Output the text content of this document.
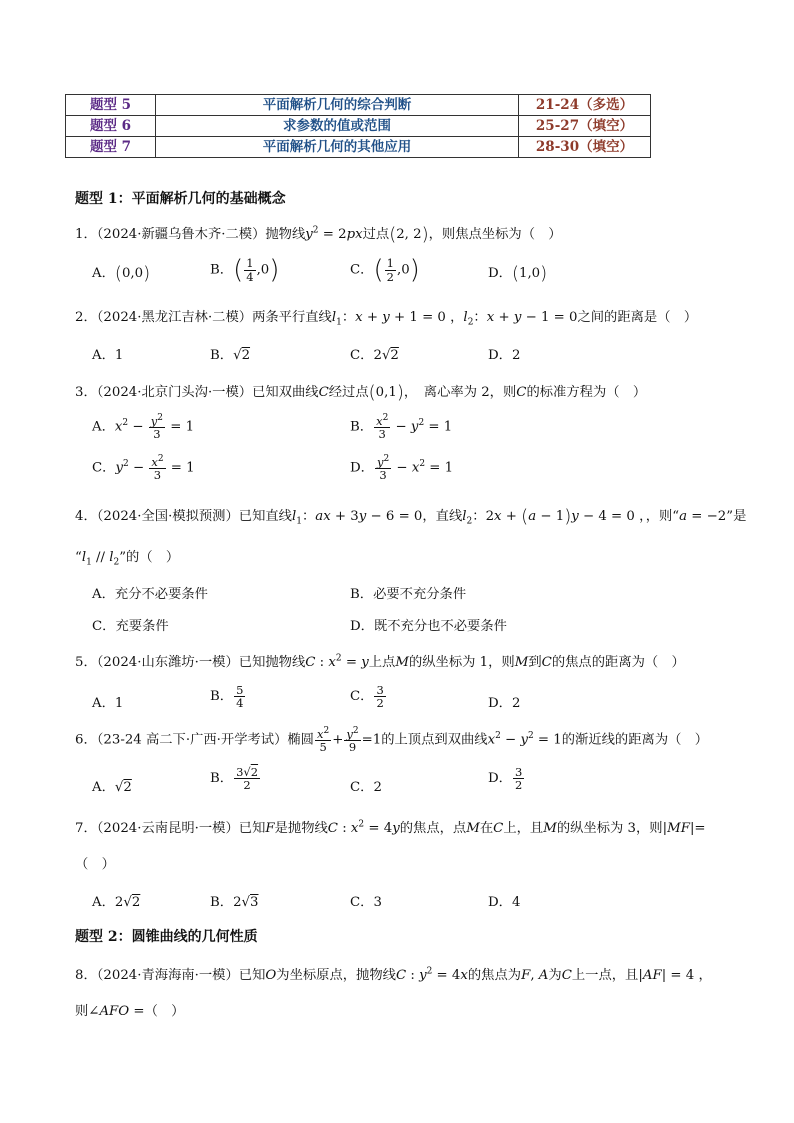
题型 5	平面解析几何的综合判断	21-24（多选）
题型 6	求参数的值或范围	25-27（填空）
题型 7	平面解析几何的其他应用	28-30（填空）
题型 1：平面解析几何的基础概念
1．（2024·新疆乌鲁木齐·二模）抛物线$y^2 = 2px$过点(2, 2)，则焦点坐标为（　）
A．(0,0)	B．( $\frac{1}{4} ,0$)	C．( $\frac{1}{2} ,0$)	D．(1,0)
2．（2024·黑龙江吉林·二模）两条平行直线$l_1$：x + y + 1 = 0 ，$l_2$：x + y − 1 = 0之间的距离是（　）
A．1	B．√2	C．2√2	D．2
3．（2024·北京门头沟·一模）已知双曲线C经过点(0,1)，　离心率为 2，则C的标准方程为（　）
A．$x^2 - \frac{y^2}{3} = 1$	B． $\frac{x^2}{3} - y^2 = 1$
C．$y^2 - \frac{x^2}{3} = 1$	D． $\frac{y^2}{3} - x^2 = 1$
4．（2024·全国·模拟预测）已知直线$l_1$：ax + 3y − 6 = 0，直线$l_2$：2x + (a − 1)y − 4 = 0 ，，则“a = −2”是
“$l_1 // l_2$”的（　）
A．充分不必要条件	B．必要不充分条件
C．充要条件	D．既不充分也不必要条件
5．（2024·山东潍坊·一模）已知抛物线C : $x^2 = y$上点M的纵坐标为 1，则M到C的焦点的距离为（　）
A．1	B． $\frac{5}{4}$	C． $\frac{3}{2}$	D．2
6．（23-24 高二下·广西·开学考试）椭圆 $\frac{x^2}{5} + \frac{y^2}{9} =1$的上顶点到双曲线$x^2 - y^2 = 1$的渐近线的距离为（　）
A．√2
B． $\frac{3√2}{2}$	C．2
D． $\frac{3}{2}$
7．（2024·云南昆明·一模）已知F是抛物线C : $x^2 = 4y$的焦点，点M在C上，且M的纵坐标为 3，则|MF|=
（　）
A．2√2	B．2√3	C．3	D．4
题型 2：圆锥曲线的几何性质
8．（2024·青海海南·一模）已知O为坐标原点，抛物线C : $y^2 = 4x$的焦点为F, A为C上一点，且|AF| = 4 ，
则∠AFO =（　）
